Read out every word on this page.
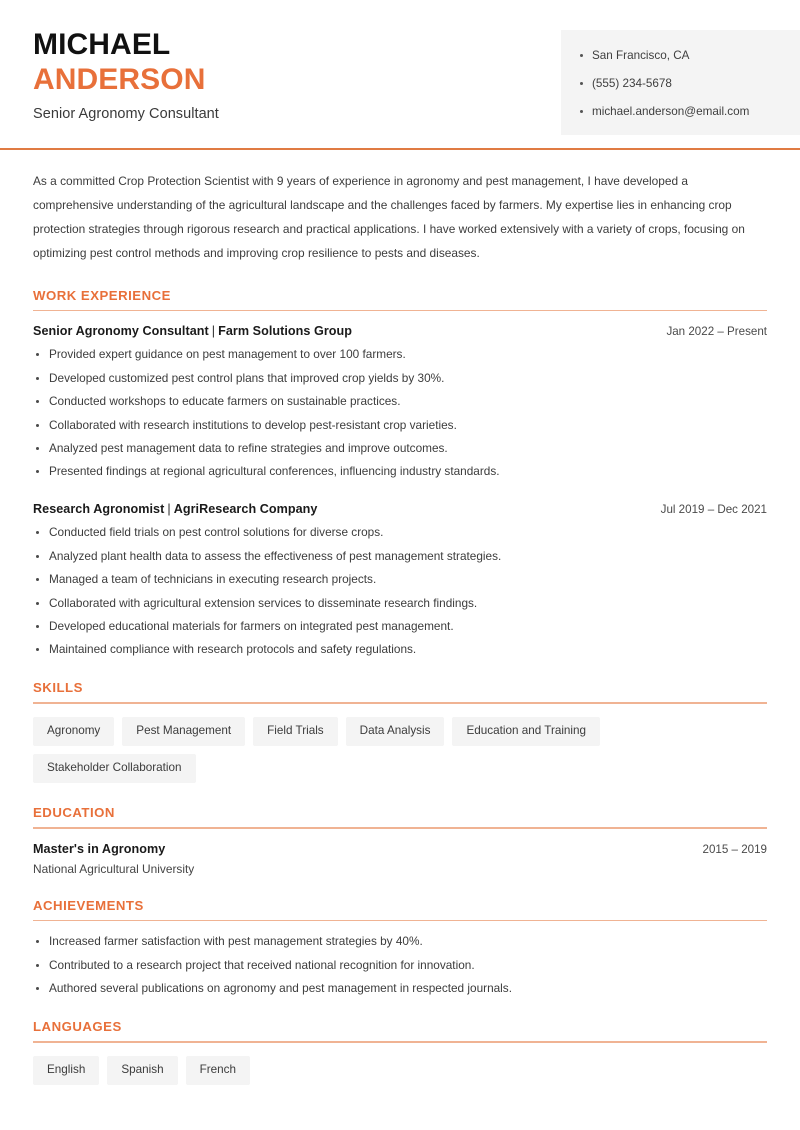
MICHAEL
ANDERSON
Senior Agronomy Consultant
San Francisco, CA
(555) 234-5678
michael.anderson@email.com

As a committed Crop Protection Scientist with 9 years of experience in agronomy and pest management, I have developed a comprehensive understanding of the agricultural landscape and the challenges faced by farmers. My expertise lies in enhancing crop protection strategies through rigorous research and practical applications. I have worked extensively with a variety of crops, focusing on optimizing pest control methods and improving crop resilience to pests and diseases.

WORK EXPERIENCE
Senior Agronomy Consultant | Farm Solutions Group	Jan 2022 – Present
Provided expert guidance on pest management to over 100 farmers.
Developed customized pest control plans that improved crop yields by 30%.
Conducted workshops to educate farmers on sustainable practices.
Collaborated with research institutions to develop pest-resistant crop varieties.
Analyzed pest management data to refine strategies and improve outcomes.
Presented findings at regional agricultural conferences, influencing industry standards.
Research Agronomist | AgriResearch Company	Jul 2019 – Dec 2021
Conducted field trials on pest control solutions for diverse crops.
Analyzed plant health data to assess the effectiveness of pest management strategies.
Managed a team of technicians in executing research projects.
Collaborated with agricultural extension services to disseminate research findings.
Developed educational materials for farmers on integrated pest management.
Maintained compliance with research protocols and safety regulations.
SKILLS
Agronomy	Pest Management	Field Trials	Data Analysis	Education and Training
Stakeholder Collaboration
EDUCATION
Master's in Agronomy	2015 – 2019
National Agricultural University
ACHIEVEMENTS
Increased farmer satisfaction with pest management strategies by 40%.
Contributed to a research project that received national recognition for innovation.
Authored several publications on agronomy and pest management in respected journals.
LANGUAGES
English	Spanish	French
